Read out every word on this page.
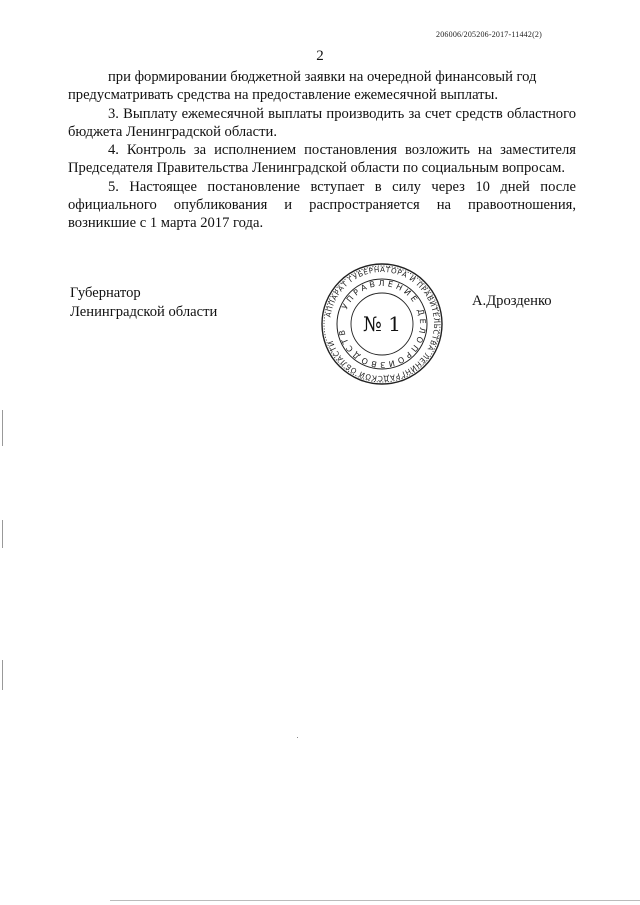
206006/205206-2017-11442(2)
2

при формировании бюджетной заявки на очередной финансовый год

предусматривать средства на предоставление ежемесячной выплаты.

3. Выплату ежемесячной выплаты производить за счет средств областного бюджета Ленинградской области.

4. Контроль за исполнением постановления возложить на заместителя Председателя Правительства Ленинградской области по социальным вопросам.

5. Настоящее постановление вступает в силу через 10 дней после официального опубликования и распространяется на правоотношения, возникшие с 1 марта 2017 года.

Губернатор
Ленинградской области
А.Дрозденко
АППАРАТ ГУБЕРНАТОРА И ПРАВИТЕЛЬСТВА ЛЕНИНГРАДСКОЙ ОБЛАСТИ
УПРАВЛЕНИЕ ДЕЛОПРОИЗВОДСТВ № 1
